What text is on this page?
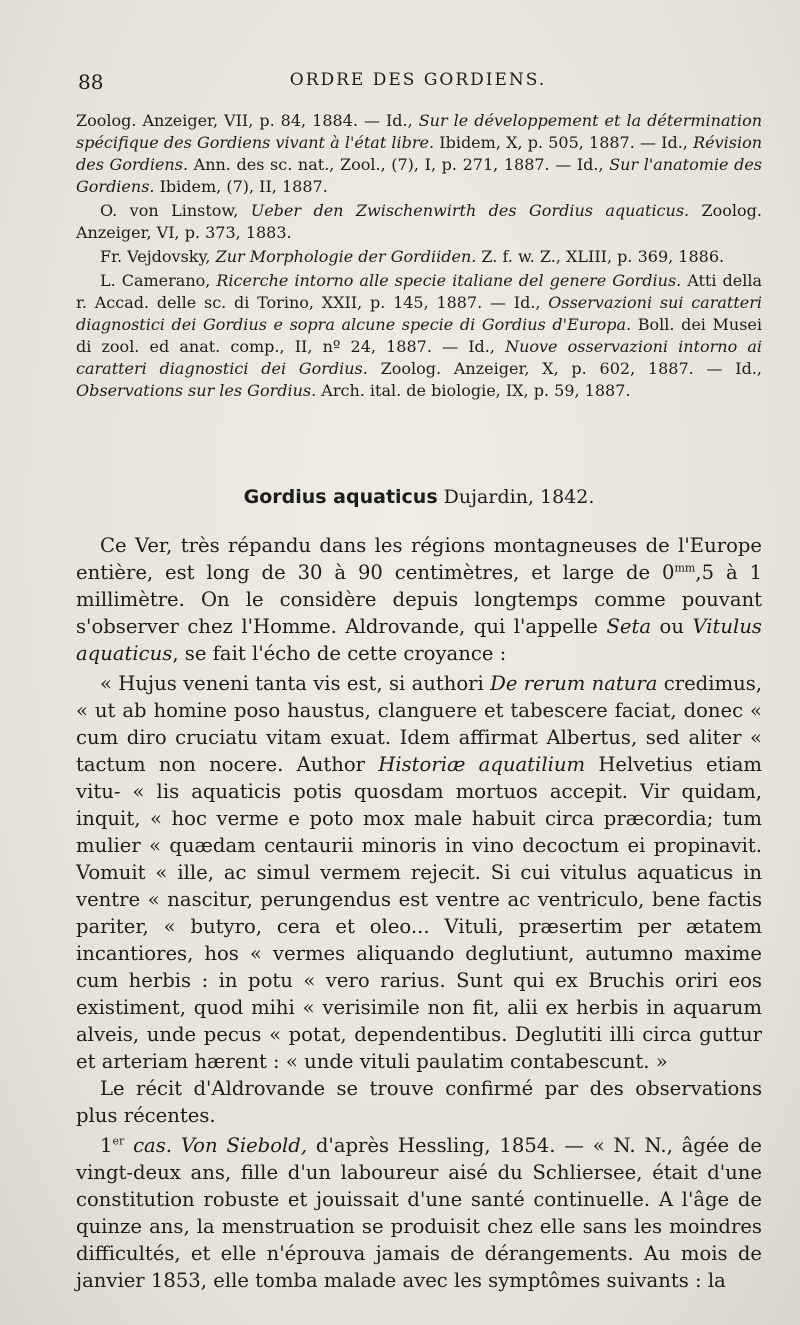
88	ORDRE DES GORDIENS.

Zoolog. Anzeiger, VII, p. 84, 1884. — Id., Sur le développement et la détermination spécifique des Gordiens vivant à l'état libre. Ibidem, X, p. 505, 1887. — Id., Révision des Gordiens. Ann. des sc. nat., Zool., (7), I, p. 271, 1887. — Id., Sur l'anatomie des Gordiens. Ibidem, (7), II, 1887.

O. von Linstow, Ueber den Zwischenwirth des Gordius aquaticus. Zoolog. Anzeiger, VI, p. 373, 1883.

Fr. Vejdovsky, Zur Morphologie der Gordiiden. Z. f. w. Z., XLIII, p. 369, 1886.

L. Camerano, Ricerche intorno alle specie italiane del genere Gordius. Atti della r. Accad. delle sc. di Torino, XXII, p. 145, 1887. — Id., Osservazioni sui caratteri diagnostici dei Gordius e sopra alcune specie di Gordius d'Europa. Boll. dei Musei di zool. ed anat. comp., II, nº 24, 1887. — Id., Nuove osservazioni intorno ai caratteri diagnostici dei Gordius. Zoolog. Anzeiger, X, p. 602, 1887. — Id., Observations sur les Gordius. Arch. ital. de biologie, IX, p. 59, 1887.

Gordius aquaticus Dujardin, 1842.

Ce Ver, très répandu dans les régions montagneuses de l'Europe entière, est long de 30 à 90 centimètres, et large de $0^{mm},5$ à 1 millimètre. On le considère depuis longtemps comme pouvant s'observer chez l'Homme. Aldrovande, qui l'appelle Seta ou Vitulus aquaticus, se fait l'écho de cette croyance :

« Hujus veneni tanta vis est, si authori De rerum natura credimus, « ut ab homine poso haustus, clanguere et tabescere faciat, donec « cum diro cruciatu vitam exuat. Idem affirmat Albertus, sed aliter « tactum non nocere. Author Historiæ aquatilium Helvetius etiam vitu- « lis aquaticis potis quosdam mortuos accepit. Vir quidam, inquit, « hoc verme e poto mox male habuit circa præcordia; tum mulier « quædam centaurii minoris in vino decoctum ei propinavit. Vomuit « ille, ac simul vermem rejecit. Si cui vitulus aquaticus in ventre « nascitur, perungendus est ventre ac ventriculo, bene factis pariter, « butyro, cera et oleo... Vituli, præsertim per ætatem incantiores, hos « vermes aliquando deglutiunt, autumno maxime cum herbis : in potu « vero rarius. Sunt qui ex Bruchis oriri eos existiment, quod mihi « verisimile non fit, alii ex herbis in aquarum alveis, unde pecus « potat, dependentibus. Deglutiti illi circa guttur et arteriam hærent : « unde vituli paulatim contabescunt. »

Le récit d'Aldrovande se trouve confirmé par des observations plus récentes.

1er cas. Von Siebold, d'après Hessling, 1854. — « N. N., âgée de vingt-deux ans, fille d'un laboureur aisé du Schliersee, était d'une constitution robuste et jouissait d'une santé continuelle. A l'âge de quinze ans, la menstruation se produisit chez elle sans les moindres difficultés, et elle n'éprouva jamais de dérangements. Au mois de janvier 1853, elle tomba malade avec les symptômes suivants : la
